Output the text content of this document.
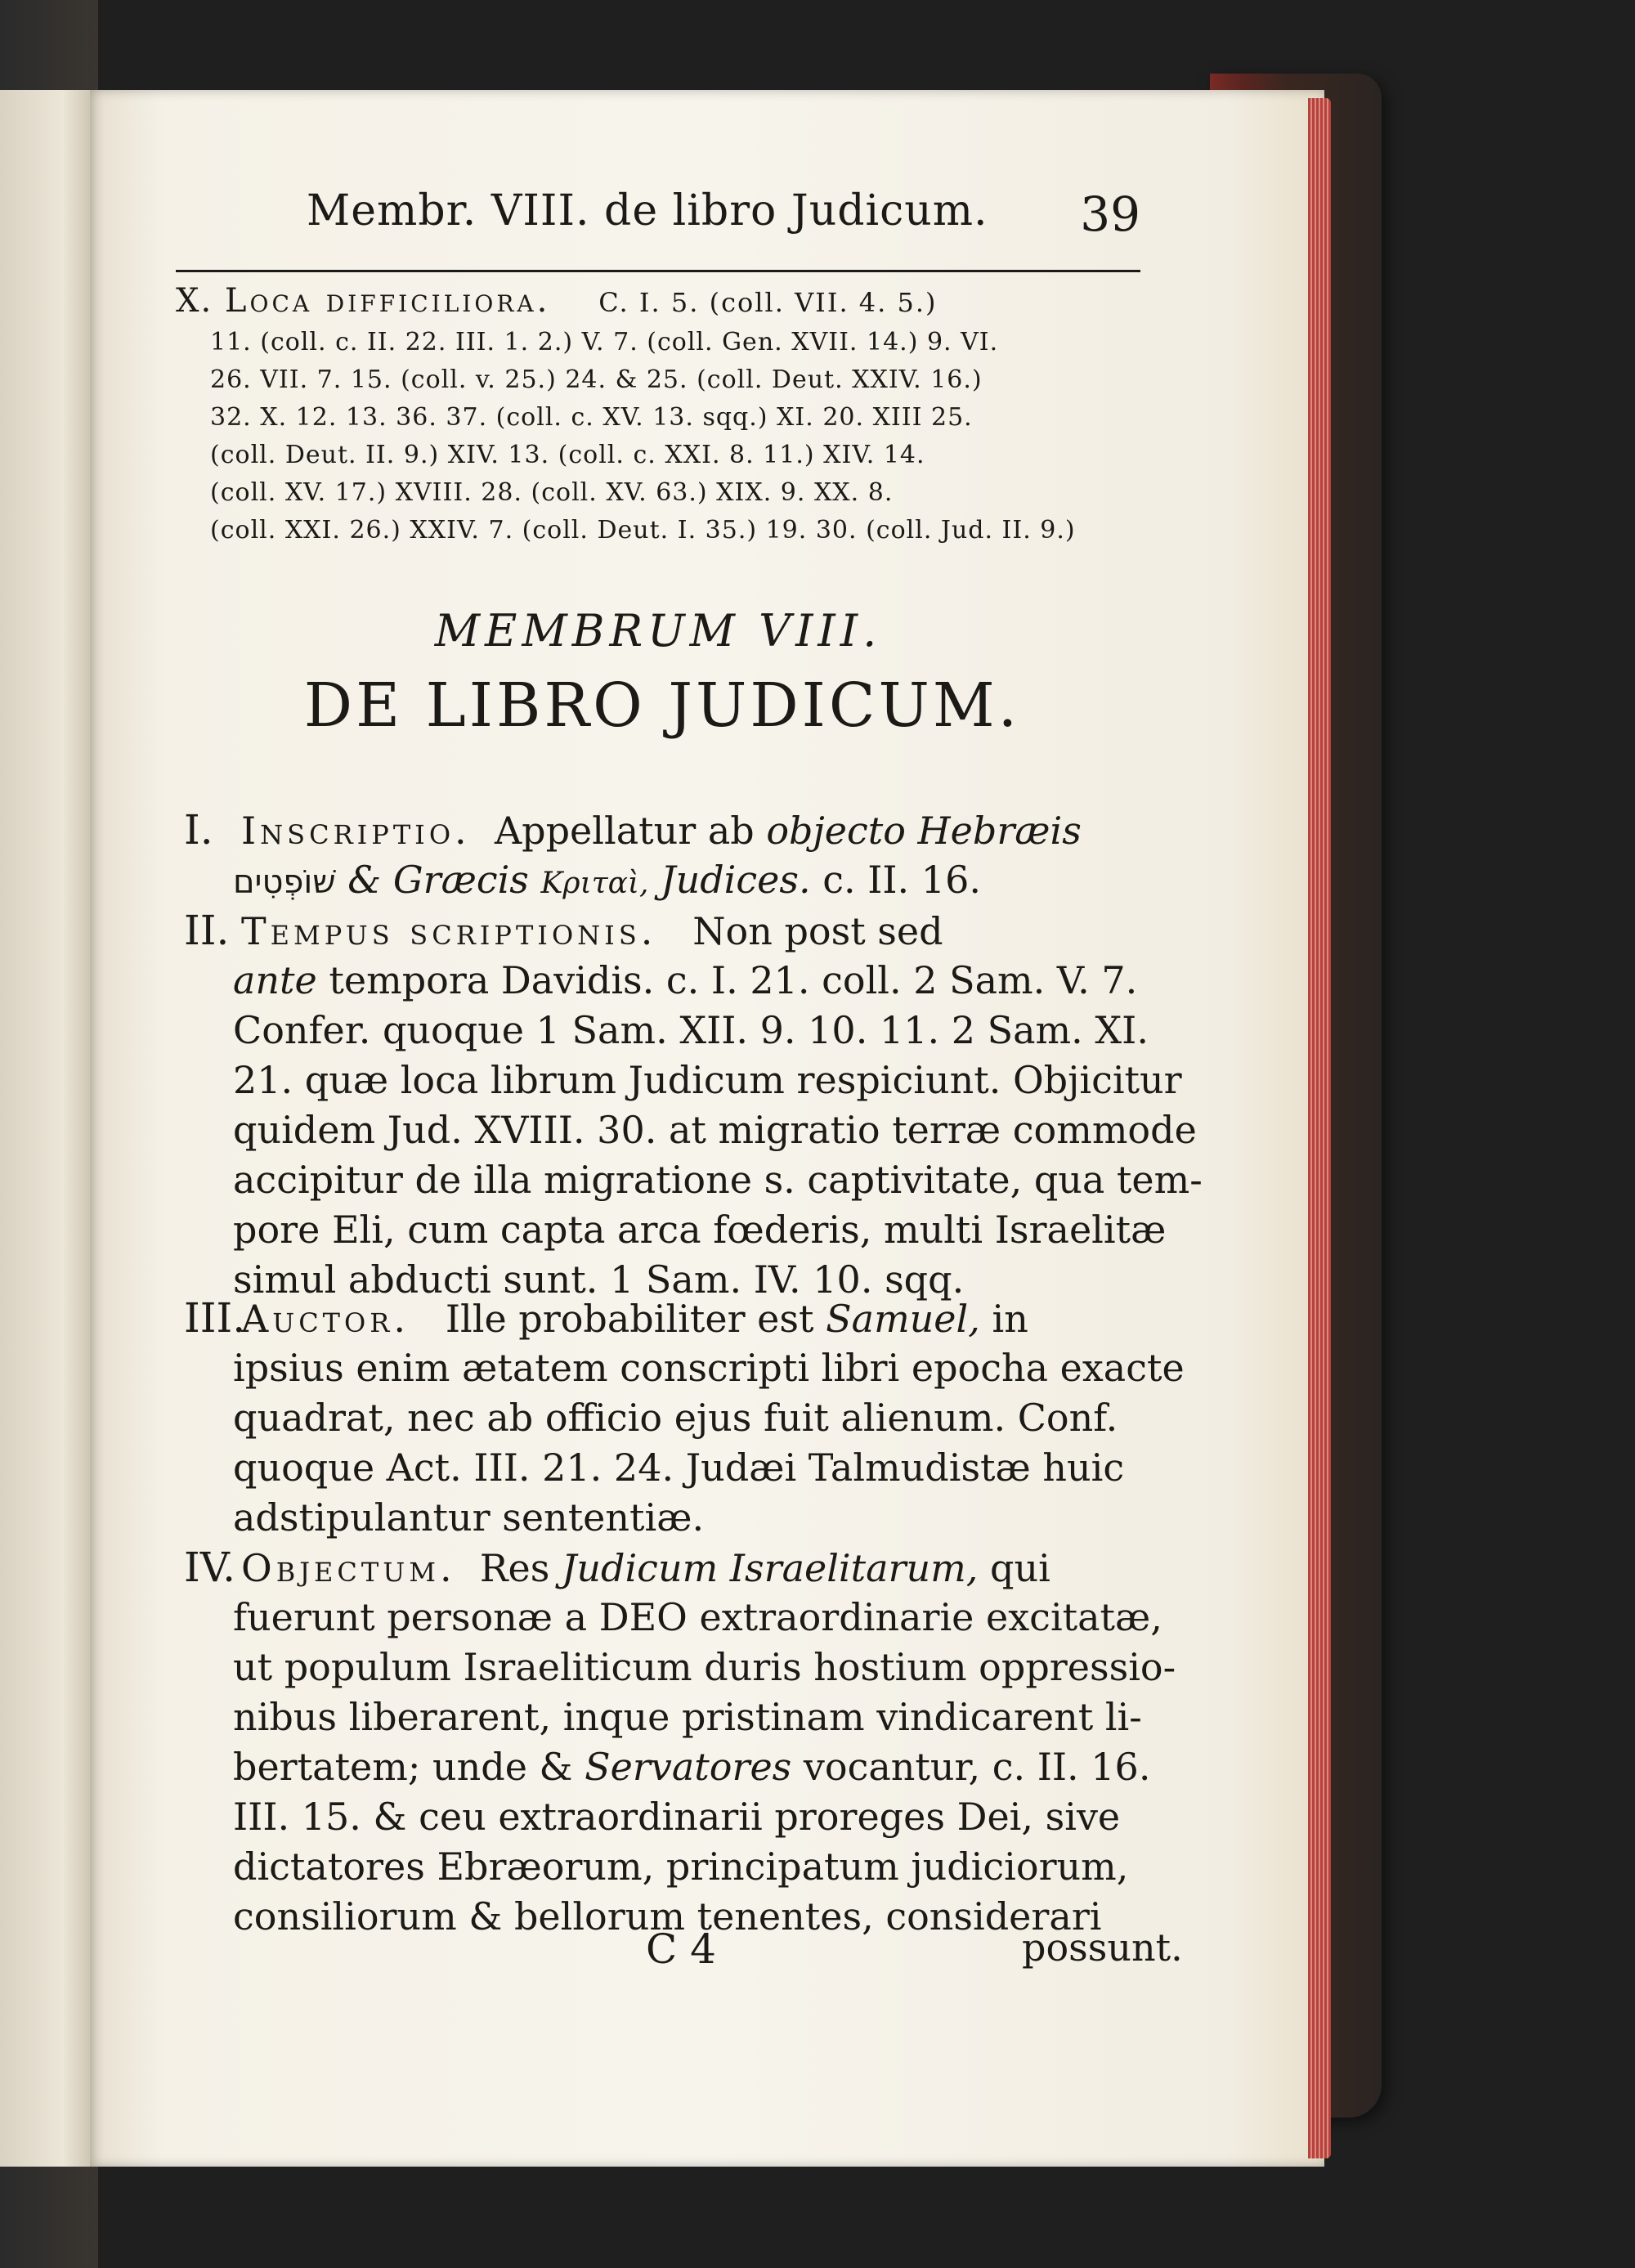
Membr. VIII. de libro Judicum. 39
X. Loca difficiliora. C. I. 5. (coll. VII. 4. 5.)
11. (coll. c. II. 22. III. 1. 2.) V. 7. (coll. Gen. XVII. 14.) 9. VI.
26. VII. 7. 15. (coll. v. 25.) 24. & 25. (coll. Deut. XXIV. 16.)
32. X. 12. 13. 36. 37. (coll. c. XV. 13. sqq.) XI. 20. XIII 25.
(coll. Deut. II. 9.) XIV. 13. (coll. c. XXI. 8. 11.) XIV. 14.
(coll. XV. 17.) XVIII. 28. (coll. XV. 63.) XIX. 9. XX. 8.
(coll. XXI. 26.) XXIV. 7. (coll. Deut. I. 35.) 19. 30. (coll. Jud. II. 9.)
MEMBRUM VIII.
DE LIBRO JUDICUM.
I. Inscriptio. Appellatur ab objecto Hebræis
שׁוֹפְטִים & Græcis Κριταὶ, Judices. c. II. 16.
II. Tempus scriptionis. Non post sed
ante tempora Davidis. c. I. 21. coll. 2 Sam. V. 7.
Confer. quoque 1 Sam. XII. 9. 10. 11. 2 Sam. XI.
21. quæ loca librum Judicum respiciunt. Objicitur
quidem Jud. XVIII. 30. at migratio terræ commode
accipitur de illa migratione s. captivitate, qua tem-
pore Eli, cum capta arca fœderis, multi Israelitæ
simul abducti sunt. 1 Sam. IV. 10. sqq.
III.Auctor. Ille probabiliter est Samuel, in
ipsius enim ætatem conscripti libri epocha exacte
quadrat, nec ab officio ejus fuit alienum. Conf.
quoque Act. III. 21. 24. Judæi Talmudistæ huic
adstipulantur sententiæ.
IV. Objectum. Res Judicum Israelitarum, qui
fuerunt personæ a DEO extraordinarie excitatæ,
ut populum Israeliticum duris hostium oppressio-
nibus liberarent, inque pristinam vindicarent li-
bertatem; unde & Servatores vocantur, c. II. 16.
III. 15. & ceu extraordinarii proreges Dei, sive
dictatores Ebræorum, principatum judiciorum,
consiliorum & bellorum tenentes, considerari
C 4	possunt.
